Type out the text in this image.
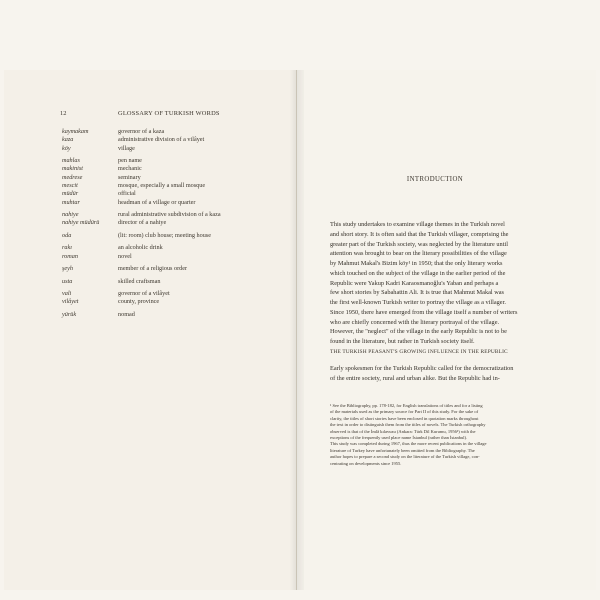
12	GLOSSARY OF TURKISH WORDS
kaymakam	governor of a kaza
kaza	administrative division of a vilâyet
köy	village
mahlas	pen name
makinist	mechanic
medrese	seminary
mescit	mosque, especially a small mosque
müdür	official
muhtar	headman of a village or quarter
nahiye	rural administrative subdivision of a kaza
nahiye müdürü	director of a nahiye
oda	(lit: room) club house; meeting house
rakı	an alcoholic drink
roman	novel
şeyh	member of a religious order
usta	skilled craftsman
vali	governor of a vilâyet
vilâyet	county, province
yürük	nomad
INTRODUCTION

This study undertakes to examine village themes in the Turkish novel

and short story. It is often said that the Turkish villager, comprising the

greater part of the Turkish society, was neglected by the literature until

attention was brought to bear on the literary possibilities of the village

by Mahmut Makal's Bizim köy¹ in 1950; that the only literary works

which touched on the subject of the village in the earlier period of the

Republic were Yakup Kadri Karaosmanoğlu's Yaban and perhaps a

few short stories by Sabahattin Ali. It is true that Mahmut Makal was

the first well-known Turkish writer to portray the village as a villager.

Since 1950, there have emerged from the village itself a number of writers

who are chiefly concerned with the literary portrayal of the village.

However, the "neglect" of the village in the early Republic is not to be

found in the literature, but rather in Turkish society itself.

THE TURKISH PEASANT'S GROWING INFLUENCE IN THE REPUBLIC

Early spokesmen for the Turkish Republic called for the democratization

of the entire society, rural and urban alike. But the Republic had in-

¹ See the Bibliography, pp. 178-182, for English translations of titles and for a listing

of the materials used as the primary source for Part II of this study. For the sake of

clarity, the titles of short stories have been enclosed in quotation marks throughout

the text in order to distinguish them from the titles of novels. The Turkish orthography

observed is that of the İmlâ kılavuzu (Ankara: Türk Dil Kurumu, 1956³) with the

exceptions of the frequently used place name İstanbul (rather than İstanbul).

This study was completed during 1967, thus the more recent publications in the village

literature of Turkey have unfortunately been omitted from the Bibliography. The

author hopes to prepare a second study on the literature of the Turkish village, con-

centrating on developments since 1955.
